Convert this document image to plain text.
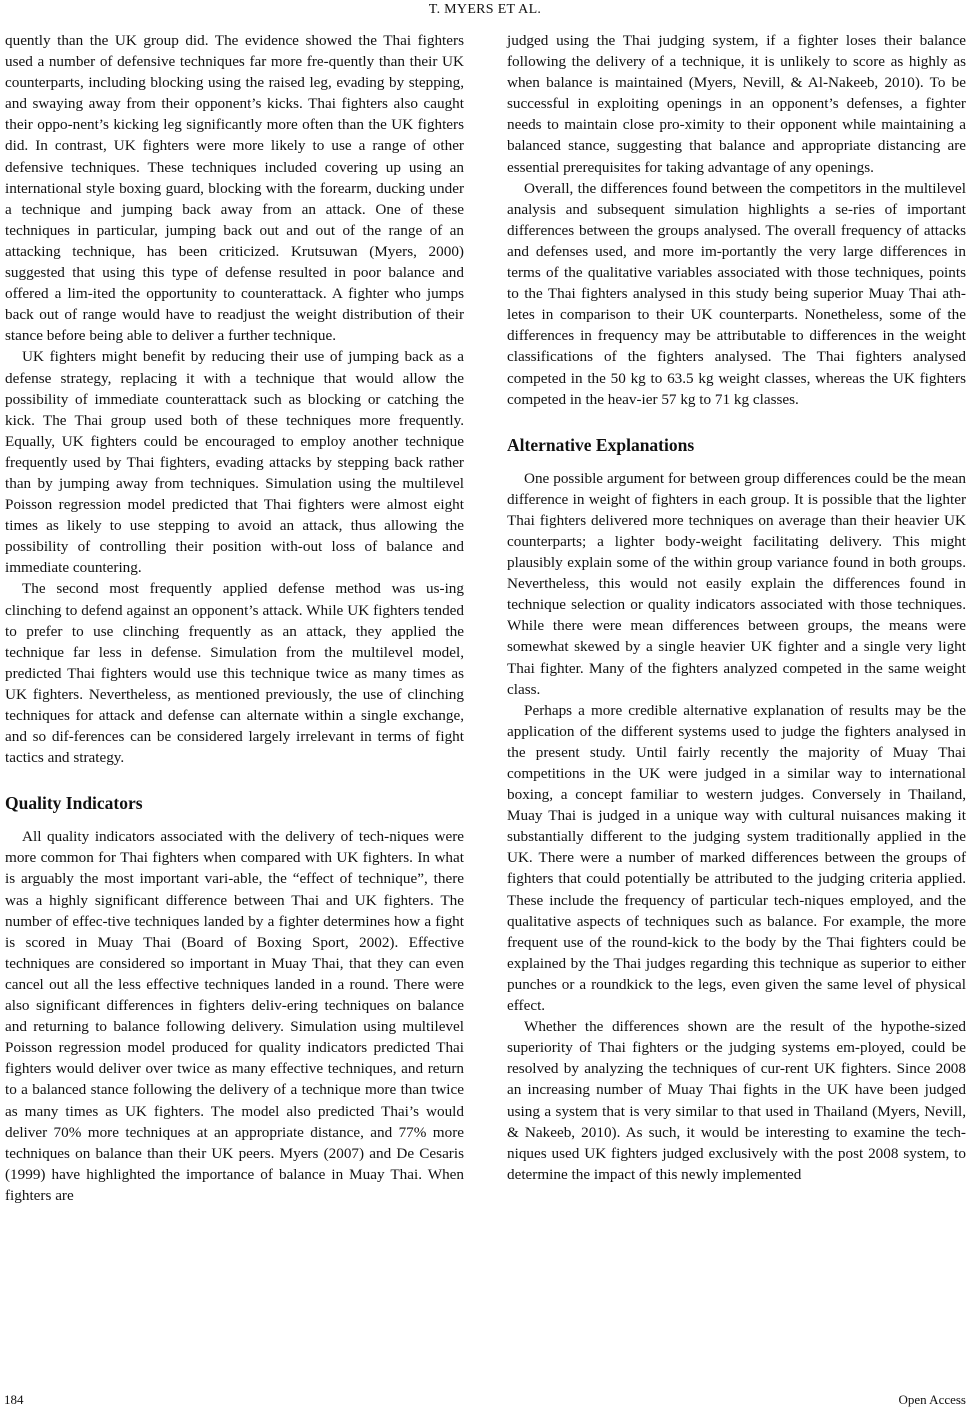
T. MYERS ET AL.

quently than the UK group did. The evidence showed the Thai fighters used a number of defensive techniques far more fre-quently than their UK counterparts, including blocking using the raised leg, evading by stepping, and swaying away from their opponent’s kicks. Thai fighters also caught their oppo-nent’s kicking leg significantly more often than the UK fighters did. In contrast, UK fighters were more likely to use a range of other defensive techniques. These techniques included covering up using an international style boxing guard, blocking with the forearm, ducking under a technique and jumping back away from an attack. One of these techniques in particular, jumping back out and out of the range of an attacking technique, has been criticized. Krutsuwan (Myers, 2000) suggested that using this type of defense resulted in poor balance and offered a lim-ited the opportunity to counterattack. A fighter who jumps back out of range would have to readjust the weight distribution of their stance before being able to deliver a further technique.

UK fighters might benefit by reducing their use of jumping back as a defense strategy, replacing it with a technique that would allow the possibility of immediate counterattack such as blocking or catching the kick. The Thai group used both of these techniques more frequently. Equally, UK fighters could be encouraged to employ another technique frequently used by Thai fighters, evading attacks by stepping back rather than by jumping away from techniques. Simulation using the multilevel Poisson regression model predicted that Thai fighters were almost eight times as likely to use stepping to avoid an attack, thus allowing the possibility of controlling their position with-out loss of balance and immediate countering.

The second most frequently applied defense method was us-ing clinching to defend against an opponent’s attack. While UK fighters tended to prefer to use clinching frequently as an attack, they applied the technique far less in defense. Simulation from the multilevel model, predicted Thai fighters would use this technique twice as many times as UK fighters. Nevertheless, as mentioned previously, the use of clinching techniques for attack and defense can alternate within a single exchange, and so dif-ferences can be considered largely irrelevant in terms of fight tactics and strategy.

Quality Indicators

All quality indicators associated with the delivery of tech-niques were more common for Thai fighters when compared with UK fighters. In what is arguably the most important vari-able, the “effect of technique”, there was a highly significant difference between Thai and UK fighters. The number of effec-tive techniques landed by a fighter determines how a fight is scored in Muay Thai (Board of Boxing Sport, 2002). Effective techniques are considered so important in Muay Thai, that they can even cancel out all the less effective techniques landed in a round. There were also significant differences in fighters deliv-ering techniques on balance and returning to balance following delivery. Simulation using multilevel Poisson regression model produced for quality indicators predicted Thai fighters would deliver over twice as many effective techniques, and return to a balanced stance following the delivery of a technique more than twice as many times as UK fighters. The model also predicted Thai’s would deliver 70% more techniques at an appropriate distance, and 77% more techniques on balance than their UK peers. Myers (2007) and De Cesaris (1999) have highlighted the importance of balance in Muay Thai. When fighters are

judged using the Thai judging system, if a fighter loses their balance following the delivery of a technique, it is unlikely to score as highly as when balance is maintained (Myers, Nevill, & Al-Nakeeb, 2010). To be successful in exploiting openings in an opponent’s defenses, a fighter needs to maintain close pro-ximity to their opponent while maintaining a balanced stance, suggesting that balance and appropriate distancing are essential prerequisites for taking advantage of any openings.

Overall, the differences found between the competitors in the multilevel analysis and subsequent simulation highlights a se-ries of important differences between the groups analysed. The overall frequency of attacks and defenses used, and more im-portantly the very large differences in terms of the qualitative variables associated with those techniques, points to the Thai fighters analysed in this study being superior Muay Thai ath-letes in comparison to their UK counterparts. Nonetheless, some of the differences in frequency may be attributable to differences in the weight classifications of the fighters analysed. The Thai fighters analysed competed in the 50 kg to 63.5 kg weight classes, whereas the UK fighters competed in the heav-ier 57 kg to 71 kg classes.

Alternative Explanations

One possible argument for between group differences could be the mean difference in weight of fighters in each group. It is possible that the lighter Thai fighters delivered more techniques on average than their heavier UK counterparts; a lighter body-weight facilitating delivery. This might plausibly explain some of the within group variance found in both groups. Nevertheless, this would not easily explain the differences found in technique selection or quality indicators associated with those techniques. While there were mean differences between groups, the means were somewhat skewed by a single heavier UK fighter and a single very light Thai fighter. Many of the fighters analyzed competed in the same weight class.

Perhaps a more credible alternative explanation of results may be the application of the different systems used to judge the fighters analysed in the present study. Until fairly recently the majority of Muay Thai competitions in the UK were judged in a similar way to international boxing, a concept familiar to western judges. Conversely in Thailand, Muay Thai is judged in a unique way with cultural nuisances making it substantially different to the judging system traditionally applied in the UK. There were a number of marked differences between the groups of fighters that could potentially be attributed to the judging criteria applied. These include the frequency of particular tech-niques employed, and the qualitative aspects of techniques such as balance. For example, the more frequent use of the round-kick to the body by the Thai fighters could be explained by the Thai judges regarding this technique as superior to either punches or a roundkick to the legs, even given the same level of physical effect.

Whether the differences shown are the result of the hypothe-sized superiority of Thai fighters or the judging systems em-ployed, could be resolved by analyzing the techniques of cur-rent UK fighters. Since 2008 an increasing number of Muay Thai fights in the UK have been judged using a system that is very similar to that used in Thailand (Myers, Nevill, & Nakeeb, 2010). As such, it would be interesting to examine the tech-niques used UK fighters judged exclusively with the post 2008 system, to determine the impact of this newly implemented

184	Open Access
